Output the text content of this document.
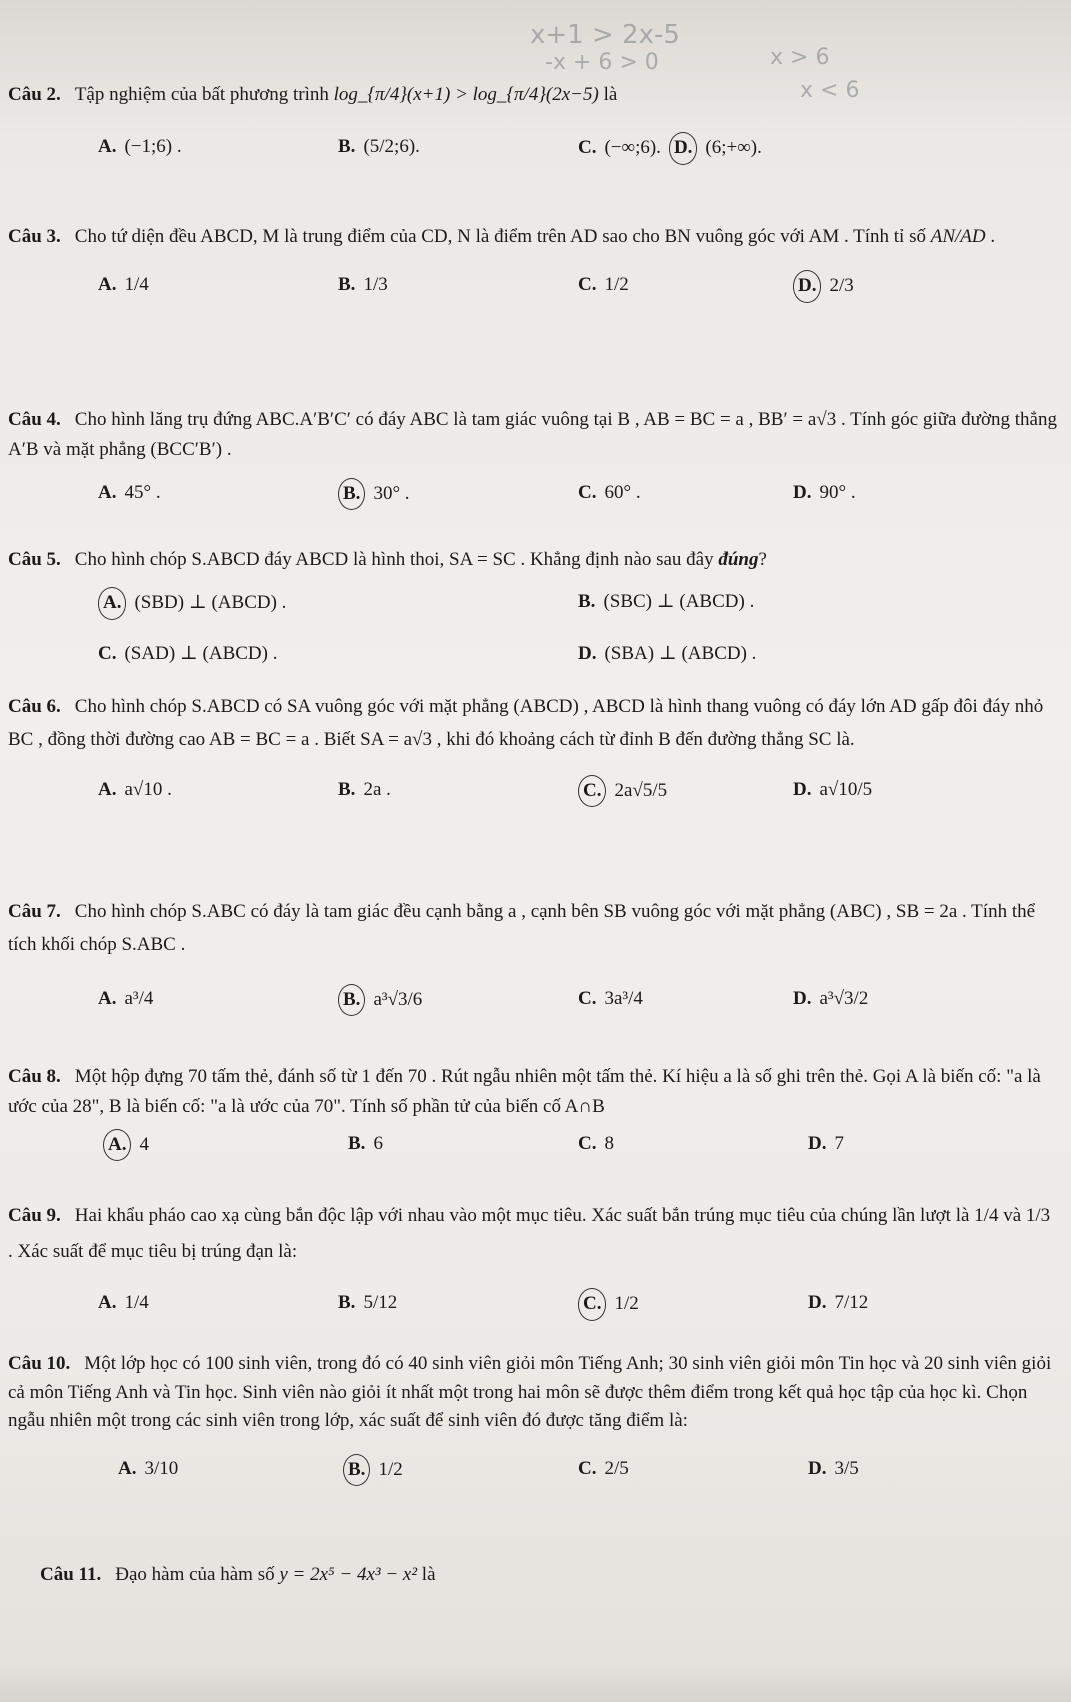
x+1 > 2x-5
-x + 6 > 0	x > 6
x < 6

Câu 2. Tập nghiệm của bất phương trình log_{π/4}(x+1) > log_{π/4}(2x−5) là

A. (−1;6) .	B. (5/2;6).	C. (−∞;6). D. (6;+∞).

Câu 3. Cho tứ diện đều ABCD, M là trung điểm của CD, N là điểm trên AD sao cho BN vuông góc với AM . Tính tỉ số AN/AD .

A. 1/4	B. 1/3	C. 1/2	D. 2/3

Câu 4. Cho hình lăng trụ đứng ABC.A′B′C′ có đáy ABC là tam giác vuông tại B , AB = BC = a , BB′ = a√3 . Tính góc giữa đường thẳng A′B và mặt phẳng (BCC′B′) .

A. 45° .	B. 30° .	C. 60° .	D. 90° .

Câu 5. Cho hình chóp S.ABCD đáy ABCD là hình thoi, SA = SC . Khẳng định nào sau đây đúng?

A. (SBD) ⊥ (ABCD) .	B. (SBC) ⊥ (ABCD) .
C. (SAD) ⊥ (ABCD) .	D. (SBA) ⊥ (ABCD) .

Câu 6. Cho hình chóp S.ABCD có SA vuông góc với mặt phẳng (ABCD) , ABCD là hình thang vuông có đáy lớn AD gấp đôi đáy nhỏ BC , đồng thời đường cao AB = BC = a . Biết SA = a√3 , khi đó khoảng cách từ đỉnh B đến đường thẳng SC là.

A. a√10 .	B. 2a .	C. 2a√5/5	D. a√10/5

Câu 7. Cho hình chóp S.ABC có đáy là tam giác đều cạnh bằng a , cạnh bên SB vuông góc với mặt phẳng (ABC) , SB = 2a . Tính thể tích khối chóp S.ABC .

A. a³/4	B. a³√3/6	C. 3a³/4	D. a³√3/2

Câu 8. Một hộp đựng 70 tấm thẻ, đánh số từ 1 đến 70 . Rút ngẫu nhiên một tấm thẻ. Kí hiệu a là số ghi trên thẻ. Gọi A là biến cố: "a là ước của 28", B là biến cố: "a là ước của 70". Tính số phần tử của biến cố A∩B

A. 4	B. 6	C. 8	D. 7

Câu 9. Hai khẩu pháo cao xạ cùng bắn độc lập với nhau vào một mục tiêu. Xác suất bắn trúng mục tiêu của chúng lần lượt là 1/4 và 1/3 . Xác suất để mục tiêu bị trúng đạn là:

A. 1/4	B. 5/12	C. 1/2	D. 7/12

Câu 10. Một lớp học có 100 sinh viên, trong đó có 40 sinh viên giỏi môn Tiếng Anh; 30 sinh viên giỏi môn Tin học và 20 sinh viên giỏi cả môn Tiếng Anh và Tin học. Sinh viên nào giỏi ít nhất một trong hai môn sẽ được thêm điểm trong kết quả học tập của học kì. Chọn ngẫu nhiên một trong các sinh viên trong lớp, xác suất để sinh viên đó được tăng điểm là:

A. 3/10	B. 1/2	C. 2/5	D. 3/5

Câu 11. Đạo hàm của hàm số y = 2x⁵ − 4x³ − x² là
